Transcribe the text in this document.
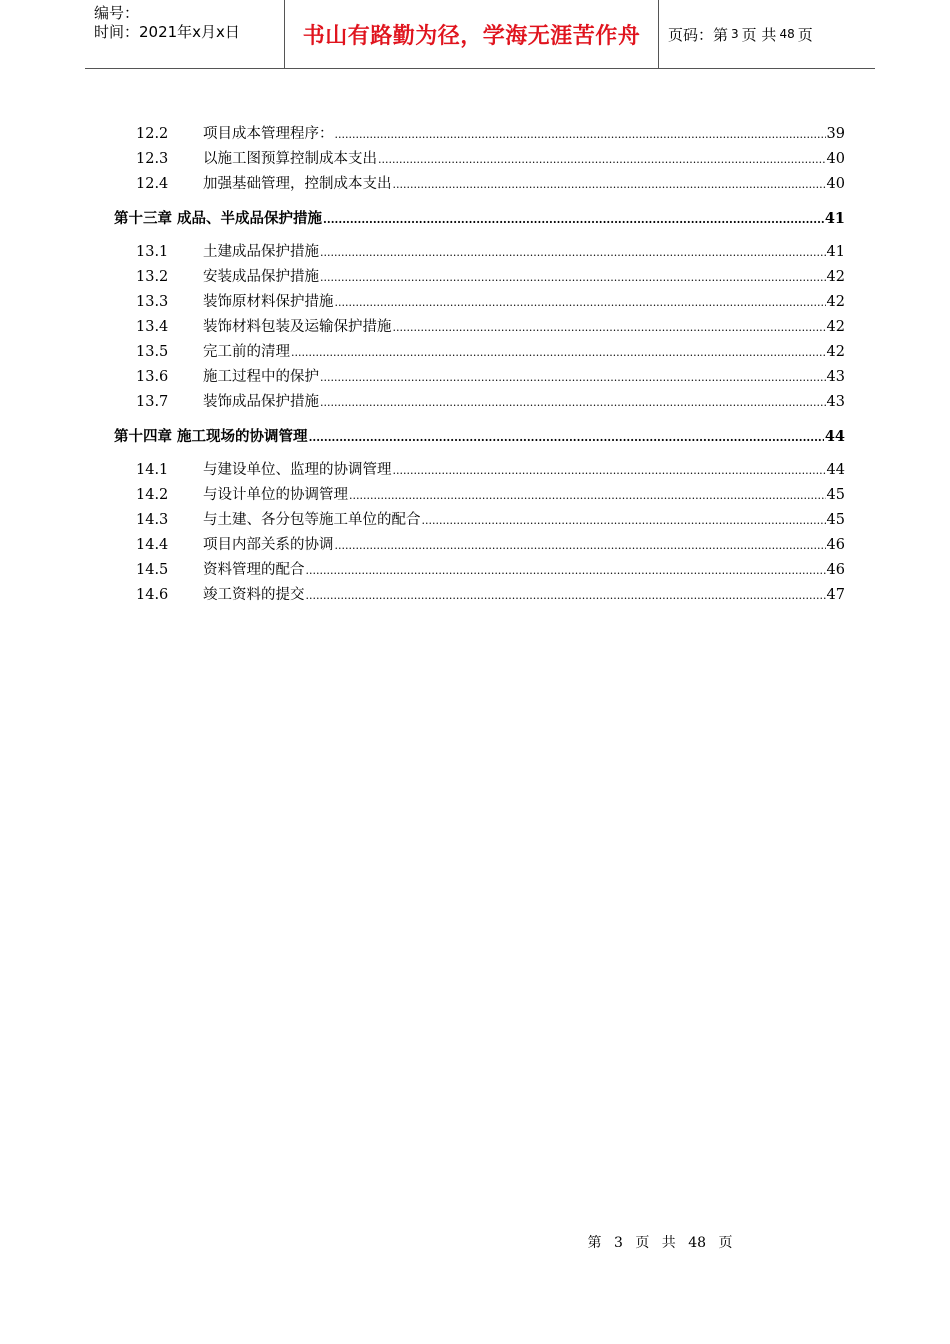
编号：
时间：2021年x月x日	书山有路勤为径，学海无涯苦作舟 页码：第 3 页 共 48 页
12.2	项目成本管理程序： .....	39
12.3	以施工图预算控制成本支出 .....	40
12.4	加强基础管理，控制成本支出 .....	40
第十三章 成品、半成品保护措施 .....	41
13.1	土建成品保护措施 .....	41
13.2	安装成品保护措施 .....	42
13.3	装饰原材料保护措施 .....	42
13.4	装饰材料包装及运输保护措施 .....	42
13.5	完工前的清理 .....	42
13.6	施工过程中的保护 .....	43
13.7	装饰成品保护措施 .....	43
第十四章 施工现场的协调管理 .....	44
14.1	与建设单位、监理的协调管理 .....	44
14.2	与设计单位的协调管理 .....	45
14.3	与土建、各分包等施工单位的配合 .....	45
14.4	项目内部关系的协调 .....	46
14.5	资料管理的配合 .....	46
14.6	竣工资料的提交 .....	47
第 3 页 共 48 页
